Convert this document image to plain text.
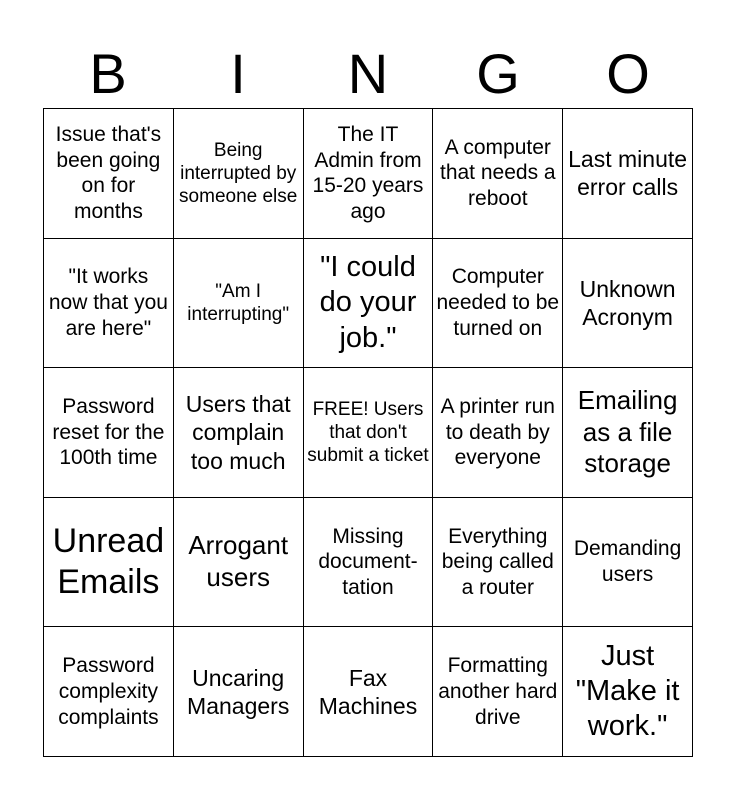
B	I	N	G	O
Issue that's been going on for months
Being interrupted by someone else
The IT Admin from 15-20 years ago
A computer that needs a reboot
Last minute error calls
"It works now that you are here"
"Am I interrupting"
"I could do your job."
Computer needed to be turned on
Unknown Acronym
Password reset for the 100th time
Users that complain too much
FREE! Users that don't submit a ticket
A printer run to death by everyone
Emailing as a file storage
Unread Emails
Arrogant users
Missing document-tation
Everything being called a router
Demanding users
Password complexity complaints
Uncaring Managers
Fax Machines
Formatting another hard drive
Just "Make it work."
